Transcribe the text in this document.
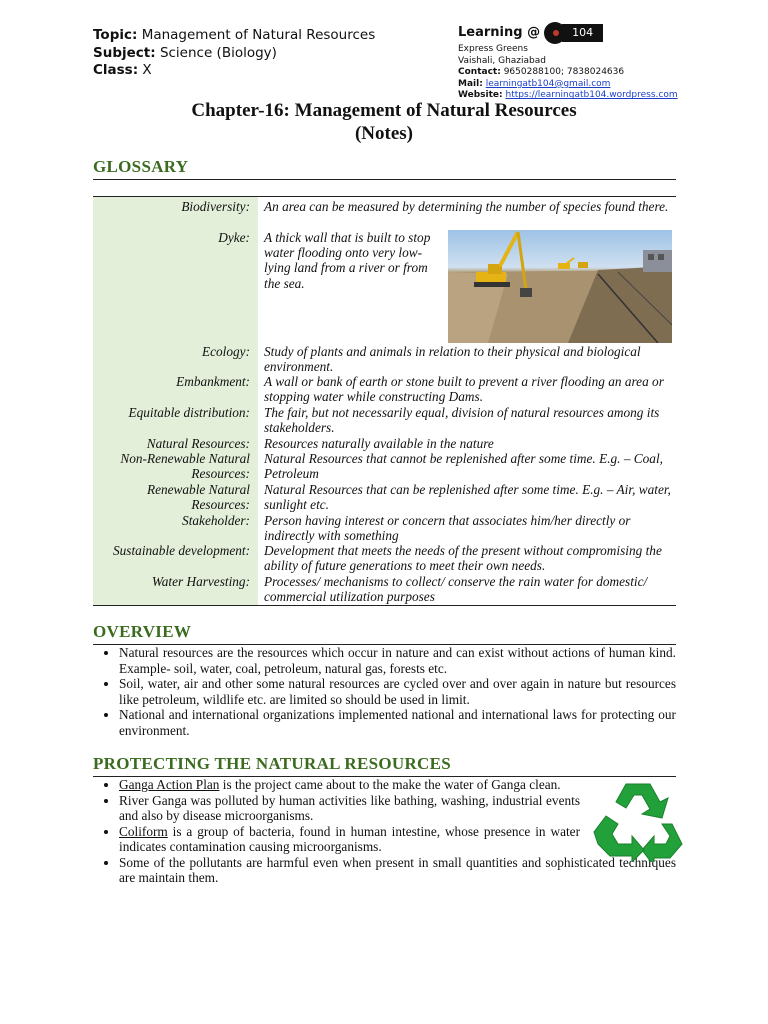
Topic: Management of Natural Resources
Subject: Science (Biology)
Class: X
Learning @	104
Express Greens
Vaishali, Ghaziabad
Contact: 9650288100; 7838024636
Mail: learningatb104@gmail.com
Website: https://learningatb104.wordpress.com
Chapter-16: Management of Natural Resources
(Notes)
GLOSSARY
Biodiversity: An area can be measured by determining the number of species found there.
Dyke: A thick wall that is built to stop water flooding onto very low-lying land from a river or from the sea.
Ecology: Study of plants and animals in relation to their physical and biological environment.
Embankment: A wall or bank of earth or stone built to prevent a river flooding an area or stopping water while constructing Dams.
Equitable distribution: The fair, but not necessarily equal, division of natural resources among its stakeholders.
Natural Resources: Resources naturally available in the nature
Non-Renewable Natural Resources:
Natural Resources that cannot be replenished after some time. E.g. – Coal, Petroleum
Renewable Natural Resources:
Natural Resources that can be replenished after some time. E.g. – Air, water, sunlight etc.
Stakeholder: Person having interest or concern that associates him/her directly or indirectly with something
Sustainable development: Development that meets the needs of the present without compromising the ability of future generations to meet their own needs.
Water Harvesting: Processes/ mechanisms to collect/ conserve the rain water for domestic/ commercial utilization purposes
OVERVIEW
• Natural resources are the resources which occur in nature and can exist without actions of human kind. Example- soil, water, coal, petroleum, natural gas, forests etc.
• Soil, water, air and other some natural resources are cycled over and over again in nature but resources like petroleum, wildlife etc. are limited so should be used in limit.
• National and international organizations implemented national and international laws for protecting our environment.
PROTECTING THE NATURAL RESOURCES
• Ganga Action Plan is the project came about to the make the water of Ganga clean.
• River Ganga was polluted by human activities like bathing, washing, industrial events and also by disease microorganisms.
• Coliform is a group of bacteria, found in human intestine, whose presence in water indicates contamination causing microorganisms.
• Some of the pollutants are harmful even when present in small quantities and sophisticated techniques are maintain them.
